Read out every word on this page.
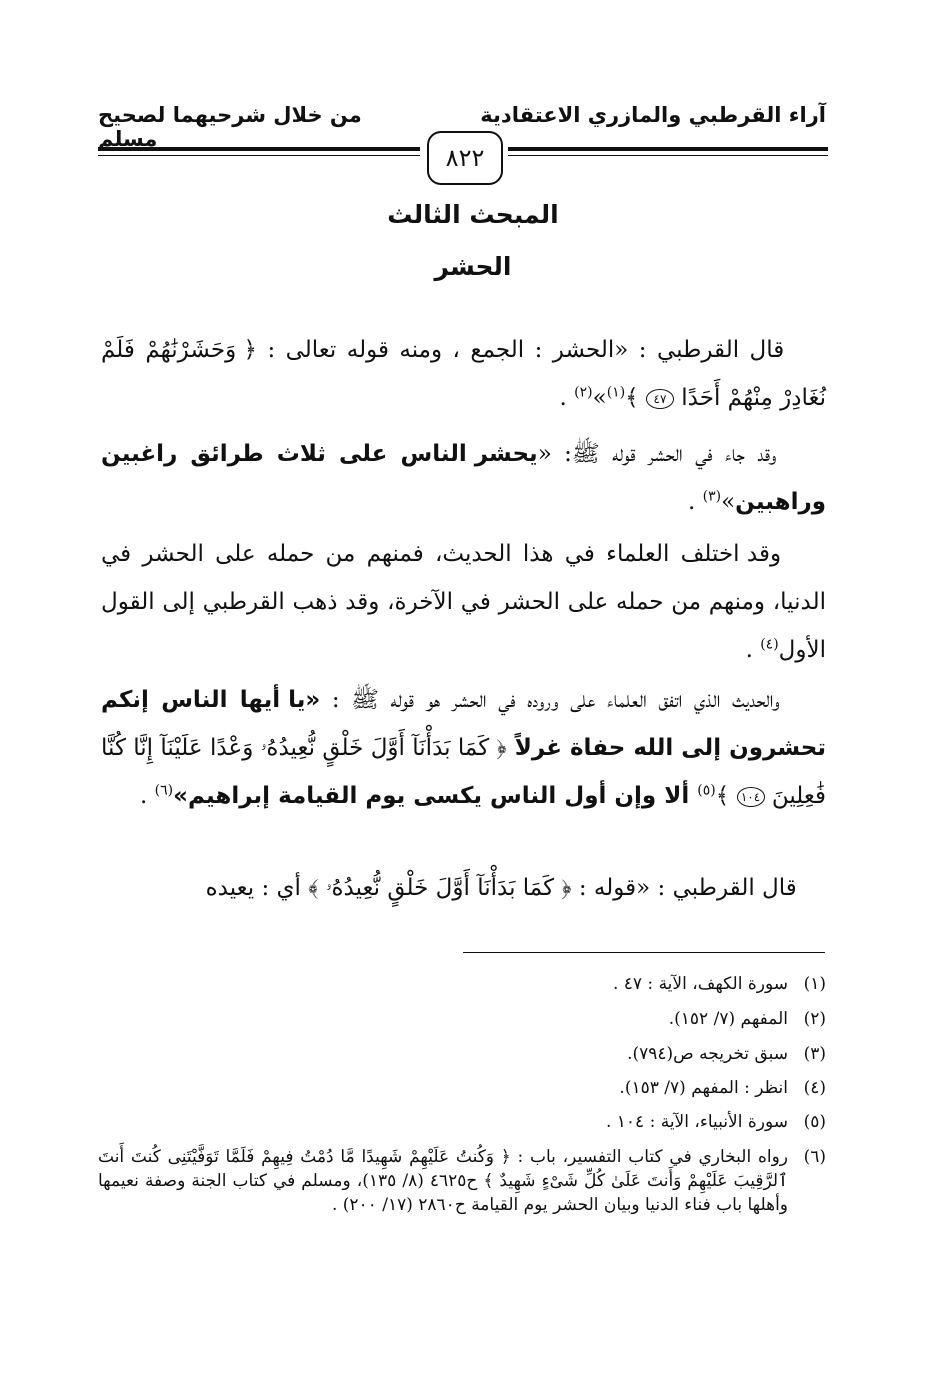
آراء القرطبي والمازري الاعتقادية
من خلال شرحيهما لصحيح مسلم
٨٢٢
المبحث الثالث
الحشر
قال القرطبي : «الحشر : الجمع ، ومنه قوله تعالى : ﴿ وَحَشَرْنَٰهُمْ فَلَمْ نُغَادِرْ مِنْهُمْ أَحَدًا ٤٧ ﴾$^{(١)}$»$^{(٢)}$ .
وقد جاء في الحشر قوله ﷺ: «يحشر الناس على ثلاث طرائق راغبين وراهبين»$^{(٣)}$ .
وقد اختلف العلماء في هذا الحديث، فمنهم من حمله على الحشر في الدنيا، ومنهم من حمله على الحشر في الآخرة، وقد ذهب القرطبي إلى القول الأول$^{(٤)}$ .
والحديث الذي اتفق العلماء على وروده في الحشر هو قوله ﷺ : «يا أيها الناس إنكم تحشرون إلى الله حفاة غرلاً ﴿ كَمَا بَدَأْنَآ أَوَّلَ خَلْقٍ نُّعِيدُهُۥ وَعْدًا عَلَيْنَآ إِنَّا كُنَّا فَٰعِلِينَ ١٠٤ ﴾$^{(٥)}$ ألا وإن أول الناس يكسى يوم القيامة إبراهيم»$^{(٦)}$ .
قال القرطبي : «قوله : ﴿ كَمَا بَدَأْنَآ أَوَّلَ خَلْقٍ نُّعِيدُهُۥ ﴾ أي : يعيده
(١)سورة الكهف، الآية : ٤٧ .
(٢)المفهم (٧/ ١٥٢).
(٣)سبق تخريجه ص(٧٩٤).
(٤)انظر : المفهم (٧/ ١٥٣).
(٥)سورة الأنبياء، الآية : ١٠٤ .
(٦)رواه البخاري في كتاب التفسير، باب : ﴿ وَكُنتُ عَلَيْهِمْ شَهِيدًا مَّا دُمْتُ فِيهِمْ فَلَمَّا تَوَفَّيْتَنِى كُنتَ أَنتَ ٱلرَّقِيبَ عَلَيْهِمْ وَأَنتَ عَلَىٰ كُلِّ شَىْءٍ شَهِيدٌ ﴾ ح٤٦٢٥ (٨/ ١٣٥)، ومسلم في كتاب الجنة وصفة نعيمها وأهلها باب فناء الدنيا وبيان الحشر يوم القيامة ح٢٨٦٠ (١٧/ ٢٠٠) .
